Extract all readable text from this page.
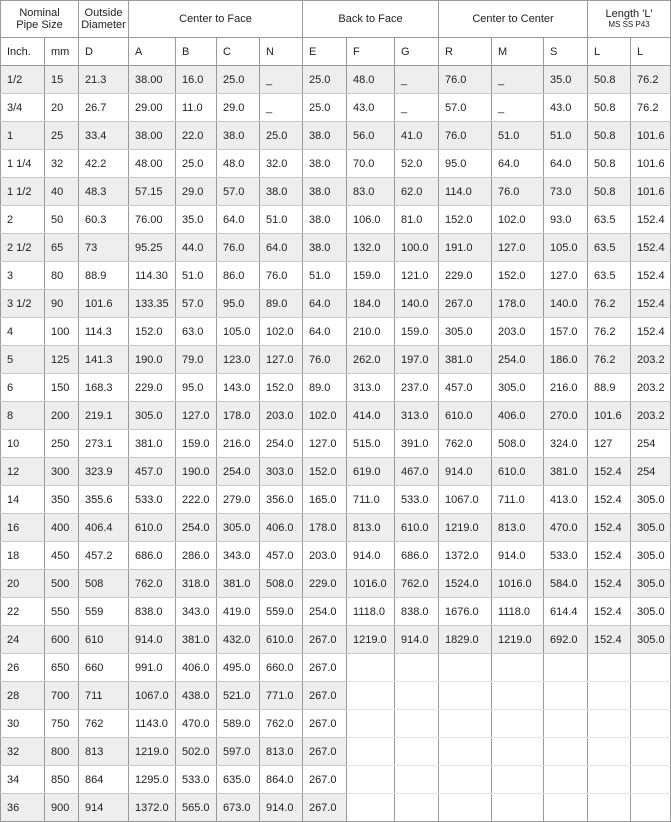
Nominal Pipe Size		Outside Diameter	Center to Face				Back to Face			Center to Center			Length 'L'
MS SS P43	

Inch.	mm	D	A	B	C	N	E	F	G	R	M	S	L	L
1/2	15	21.3	38.00	16.0	25.0	_	25.0	48.0	_	76.0	_	35.0	50.8	76.2
3/4	20	26.7	29.00	11.0	29.0	_	25.0	43.0	_	57.0	_	43.0	50.8	76.2
1	25	33.4	38.00	22.0	38.0	25.0	38.0	56.0	41.0	76.0	51.0	51.0	50.8	101.6
1 1/4	32	42.2	48.00	25.0	48.0	32.0	38.0	70.0	52.0	95.0	64.0	64.0	50.8	101.6
1 1/2	40	48.3	57.15	29.0	57.0	38.0	38.0	83.0	62.0	114.0	76.0	73.0	50.8	101.6
2	50	60.3	76.00	35.0	64.0	51.0	38.0	106.0	81.0	152.0	102.0	93.0	63.5	152.4
2 1/2	65	73	95.25	44.0	76.0	64.0	38.0	132.0	100.0	191.0	127.0	105.0	63.5	152.4
3	80	88.9	114.30	51.0	86.0	76.0	51.0	159.0	121.0	229.0	152.0	127.0	63.5	152.4
3 1/2	90	101.6	133.35	57.0	95.0	89.0	64.0	184.0	140.0	267.0	178.0	140.0	76.2	152.4
4	100	114.3	152.0	63.0	105.0	102.0	64.0	210.0	159.0	305.0	203.0	157.0	76.2	152.4
5	125	141.3	190.0	79.0	123.0	127.0	76.0	262.0	197.0	381.0	254.0	186.0	76.2	203.2
6	150	168.3	229.0	95.0	143.0	152.0	89.0	313.0	237.0	457.0	305.0	216.0	88.9	203.2
8	200	219.1	305.0	127.0	178.0	203.0	102.0	414.0	313.0	610.0	406.0	270.0	101.6	203.2
10	250	273.1	381.0	159.0	216.0	254.0	127.0	515.0	391.0	762.0	508.0	324.0	127	254
12	300	323.9	457.0	190.0	254.0	303.0	152.0	619.0	467.0	914.0	610.0	381.0	152.4	254
14	350	355.6	533.0	222.0	279.0	356.0	165.0	711.0	533.0	1067.0	711.0	413.0	152.4	305.0
16	400	406.4	610.0	254.0	305.0	406.0	178.0	813.0	610.0	1219.0	813.0	470.0	152.4	305.0
18	450	457.2	686.0	286.0	343.0	457.0	203.0	914.0	686.0	1372.0	914.0	533.0	152.4	305.0
20	500	508	762.0	318.0	381.0	508.0	229.0	1016.0	762.0	1524.0	1016.0	584.0	152.4	305.0
22	550	559	838.0	343.0	419.0	559.0	254.0	1118.0	838.0	1676.0	1118.0	614.4	152.4	305.0
24	600	610	914.0	381.0	432.0	610.0	267.0	1219.0	914.0	1829.0	1219.0	692.0	152.4	305.0
26	650	660	991.0	406.0	495.0	660.0	267.0							
28	700	711	1067.0	438.0	521.0	771.0	267.0							
30	750	762	1143.0	470.0	589.0	762.0	267.0							
32	800	813	1219.0	502.0	597.0	813.0	267.0							
34	850	864	1295.0	533.0	635.0	864.0	267.0							
36	900	914	1372.0	565.0	673.0	914.0	267.0							
